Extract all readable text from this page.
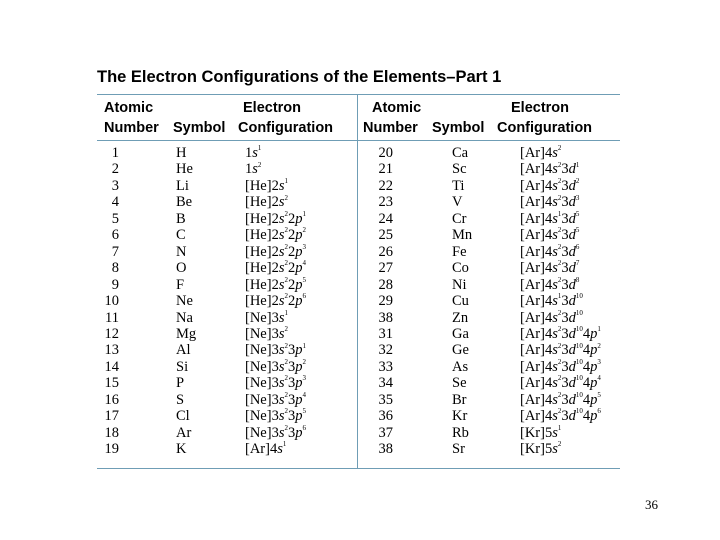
The Electron Configurations of the Elements–Part 1
Atomic
Number Symbol
Electron
Configuration
Atomic
Number Symbol
Electron
Configuration
1	H	$1s^1$
2	He	$1s^2$
3	Li	$[He]2s^1$
4	Be	$[He]2s^2$
5	B	$[He]2s^22p^1$
6	C	$[He]2s^22p^2$
7	N	$[He]2s^22p^3$
8	O	$[He]2s^22p^4$
9	F	$[He]2s^22p^5$
10	Ne	$[He]2s^22p^6$
11	Na	$[Ne]3s^1$
12	Mg	$[Ne]3s^2$
13	Al	$[Ne]3s^23p^1$
14	Si	$[Ne]3s^23p^2$
15	P	$[Ne]3s^23p^3$
16	S	$[Ne]3s^23p^4$
17	Cl	$[Ne]3s^23p^5$
18	Ar	$[Ne]3s^23p^6$
19	K	$[Ar]4s^1$
20	Ca	$[Ar]4s^2$
21	Sc	$[Ar]4s^23d^1$
22	Ti	$[Ar]4s^23d^2$
23	V	$[Ar]4s^23d^3$
24	Cr	$[Ar]4s^13d^5$
25	Mn	$[Ar]4s^23d^5$
26	Fe	$[Ar]4s^23d^6$
27	Co	$[Ar]4s^23d^7$
28	Ni	$[Ar]4s^23d^8$
29	Cu	$[Ar]4s^13d^{10}$
38	Zn	$[Ar]4s^23d^{10}$
31	Ga	$[Ar]4s^23d^{10}4p^1$
32	Ge	$[Ar]4s^23d^{10}4p^2$
33	As	$[Ar]4s^23d^{10}4p^3$
34	Se	$[Ar]4s^23d^{10}4p^4$
35	Br	$[Ar]4s^23d^{10}4p^5$
36	Kr	$[Ar]4s^23d^{10}4p^6$
37	Rb	$[Kr]5s^1$
38	Sr	$[Kr]5s^2$
36
